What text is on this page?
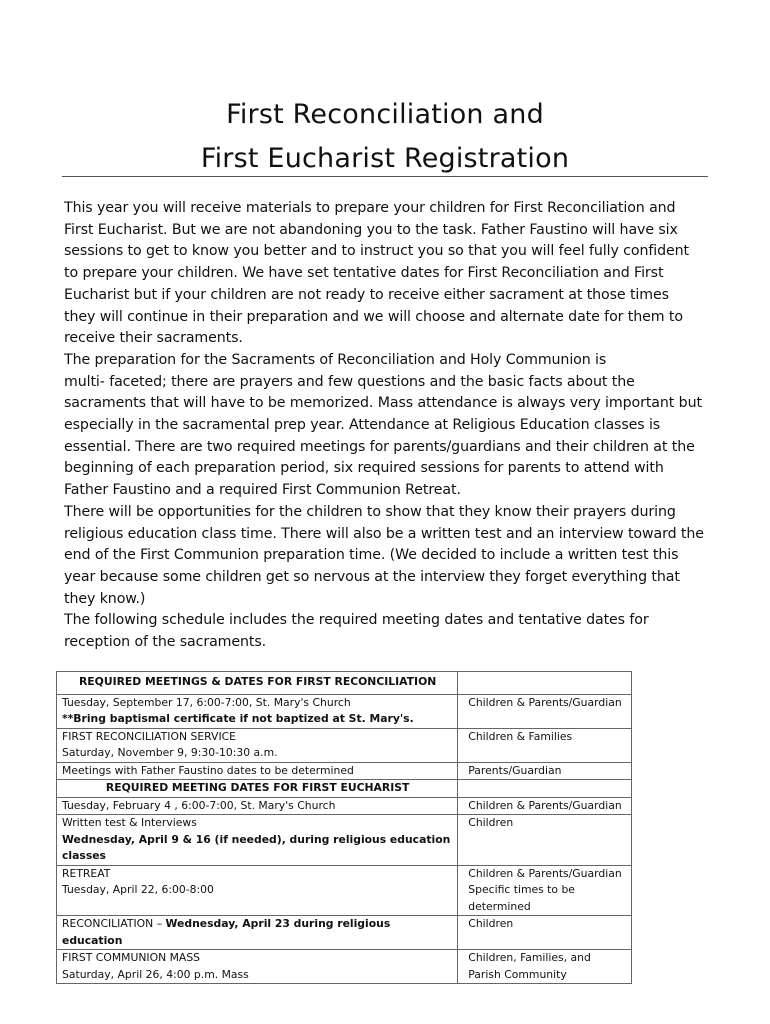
First Reconciliation and
First Eucharist Registration
This year you will receive materials to prepare your children for First Reconciliation and
First Eucharist. But we are not abandoning you to the task. Father Faustino will have six
sessions to get to know you better and to instruct you so that you will feel fully confident
to prepare your children. We have set tentative dates for First Reconciliation and First
Eucharist but if your children are not ready to receive either sacrament at those times
they will continue in their preparation and we will choose and alternate date for them to
receive their sacraments.
The preparation for the Sacraments of Reconciliation and Holy Communion is
multi- faceted; there are prayers and few questions and the basic facts about the
sacraments that will have to be memorized. Mass attendance is always very important but
especially in the sacramental prep year. Attendance at Religious Education classes is
essential. There are two required meetings for parents/guardians and their children at the
beginning of each preparation period, six required sessions for parents to attend with
Father Faustino and a required First Communion Retreat.
There will be opportunities for the children to show that they know their prayers during
religious education class time. There will also be a written test and an interview toward the
end of the First Communion preparation time. (We decided to include a written test this
year because some children get so nervous at the interview they forget everything that
they know.)
The following schedule includes the required meeting dates and tentative dates for
reception of the sacraments.
REQUIRED MEETINGS & DATES FOR FIRST RECONCILIATION	

Tuesday, September 17, 6:00-7:00, St. Mary's Church
**Bring baptismal certificate if not baptized at St. Mary's.	Children & Parents/Guardian

FIRST RECONCILIATION SERVICE
Saturday, November 9, 9:30-10:30 a.m.	Children & Families
Meetings with Father Faustino dates to be determined	Parents/Guardian
REQUIRED MEETING DATES FOR FIRST EUCHARIST	
Tuesday, February 4 , 6:00-7:00, St. Mary's Church	Children & Parents/Guardian

Written test & Interviews
Wednesday, April 9 & 16 (if needed), during religious education
classes	Children

RETREAT
Tuesday, April 22, 6:00-8:00	Children & Parents/Guardian
Specific times to be
determined

RECONCILIATION – Wednesday, April 23 during religious education	Children

FIRST COMMUNION MASS
Saturday, April 26, 4:00 p.m. Mass	Children, Families, and
Parish Community
